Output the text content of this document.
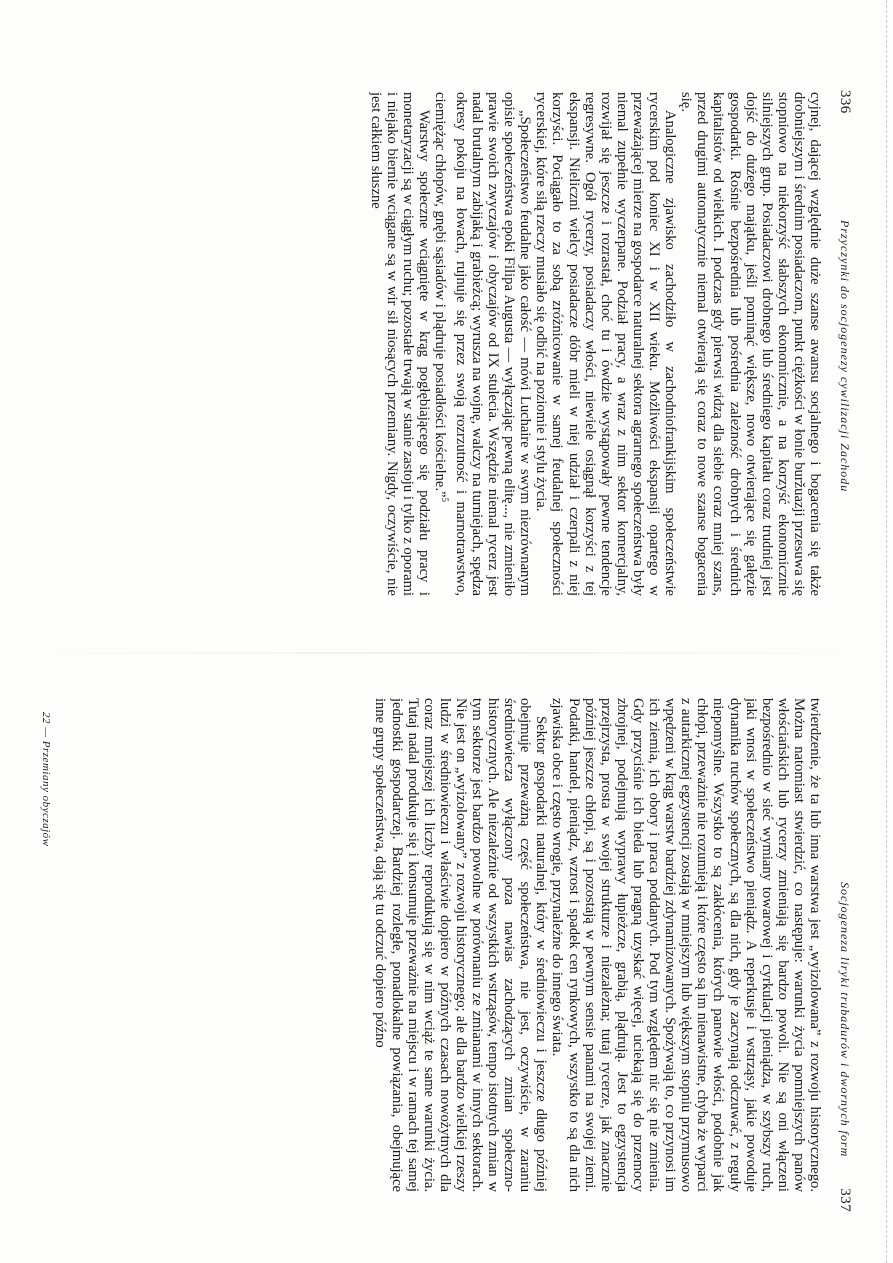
336
Przyczynki do socjogenezy cywilizacji Zachodu

cyjnej, dającej względnie duże szanse awansu socjalnego i bogacenia się także drobniejszym i średnim posiadaczom, punkt ciężkości w łonie buržuazji przesuwa się stopniowo na niekorzyść słabszych ekonomicznie, a na korzyść ekonomicznie silniejszych grup. Posiadaczowi drobnego lub średniego kapitału coraz trudniej jest dojść do dużego majątku, jeśli pominąć większe, nowo otwierające się gałęzie gospodarki. Rośnie bezpośrednia lub pośrednia zależność drobnych i średnich kapitalistów od wielkich. I podczas gdy pierwsi widzą dla siebie coraz mniej szans, przed drugimi automatycznie niemal otwierają się coraz to nowe szanse bogacenia się.

Analogiczne zjawisko zachodziło w zachodniofrankijskim społeczeństwie rycerskim pod koniec XI i w XII wieku. Możliwości ekspansji opartego w przeważającej mierze na gospodarce naturalnej sektora agrarnego społeczeństwa były niemal zupełnie wyczerpane. Podział pracy, a wraz z nim sektor komercjalny, rozwijał się jeszcze i rozrastał, choć tu i ówdzie wystąpowały pewne tendencje regresywne. Ogół rycerzy, posiadaczy włości, niewiele osiągnął korzyści z tej ekspansji. Nieliczni wielcy posiadacze dóbr mieli w niej udział i czerpali z niej korzyści. Pociągało to za sobą zróżnicowanie w samej feudalnej społeczności rycerskiej, które siłą rzeczy musiało się odbić na poziomie i stylu życia.

„Społeczeństwo feudalne jako całość — mówi Luchaire w swym niezrównanym opisie społeczeństwa epoki Filipa Augusta — wyłączając pewną elitę..., nie zmieniło prawie swoich zwyczajów i obyczajów od IX stulecia. Wszędzie niemal rycerz jest nadal brutalnym zabijaką i grabieżcą; wyrusza na wojnę, walczy na turniejach, spędza okresy pokoju na łowach, rujnuje się przez swoją rozrzutność i marnotrawstwo, ciemiężąc chłopów, gnębi sąsiadów i plądruje posiadłości kościelne.”$^5$

Warstwy społeczne wciągnięte w krąg pogłębiającego się podziału pracy i monetaryzacji są w ciągłym ruchu; pozostałe trwają w stanie zastoju i tylko z oporami i niejako biernie wciągane są w wir sił niosących przemiany. Nigdy, oczywiście, nie jest całkiem słuszne

Socjogeneza liryki trubadurów i dwornych form
337

twierdzenie, że ta lub inna warstwa jest „wyizolowana” z rozwoju historycznego. Można natomiast stwierdzić, co następuje: warunki życia pomniejszych panów włościańskich lub rycerzy zmieniają się bardzo powoli. Nie są oni włączeni bezpośrednio w sieć wymiany towarowej i cyrkulacji pieniądza, w szybszy ruch, jaki wnosi w społeczeństwo pieniądz. A reperkusje i wstrząsy, jakie powoduje dynamika ruchów społecznych, są dla nich, gdy je zaczynają odczuwać, z reguły niepomyślne. Wszystko to są zakłócenia, których panowie włości, podobnie jak chłopi, przeważnie nie rozumieją i które często są im nienawistne, chyba że wyparci z autarkicznej egzystencji zostają w mniejszym lub większym stopniu przymusowo wpędzeni w krąg warstw bardziej zdynamizowanych. Spożywają to, co przynosi im ich ziemia, ich obory i praca poddanych. Pod tym względem nic się nie zmienia. Gdy przyciśnie ich bieda lub pragną uzyskać więcej, uciekają się do przemocy zbrojnej, podejmują wyprawy łupieżcze, grabią, plądrują. Jest to egzystencja przejrzysta, prosta w swojej strukturze i niezależna; tutaj rycerze, jak znacznie później jeszcze chłopi, są i pozostają w pewnym sensie panami na swojej ziemi. Podatki, handel, pieniądz, wzrost i spadek cen rynkowych, wszystko to są dla nich zjawiska obce i często wrogie, przynależne do innego świata.

Sektor gospodarki naturalnej, który w średniowieczu i jeszcze długo później obejmuje przeważną część społeczeństwa, nie jest, oczywiście, w zaraniu średniowiecza wyłączony poza nawias zachodzących zmian społeczno-historycznych. Ale niezależnie od wszystkich wstrząsów, tempo istotnych zmian w tym sektorze jest bardzo powolne w porównaniu ze zmianami w innych sektorach. Nie jest on „wyizolowany” z rozwoju historycznego; ale dla bardzo wielkiej rzeszy ludzi w średniowieczu i właściwie dopiero w późnych czasach nowożytnych dla coraz mniejszej ich liczby reprodukują się w nim wciąż te same warunki życia. Tutaj nadal produkuje się i konsumuje przeważnie na miejscu i w ramach tej samej jednostki gospodarczej. Bardziej rozległe, ponadlokalne powiązania, obejmujące inne grupy społeczeństwa, dają się tu odczuć dopiero późno

22 — Przemiany obyczajów
